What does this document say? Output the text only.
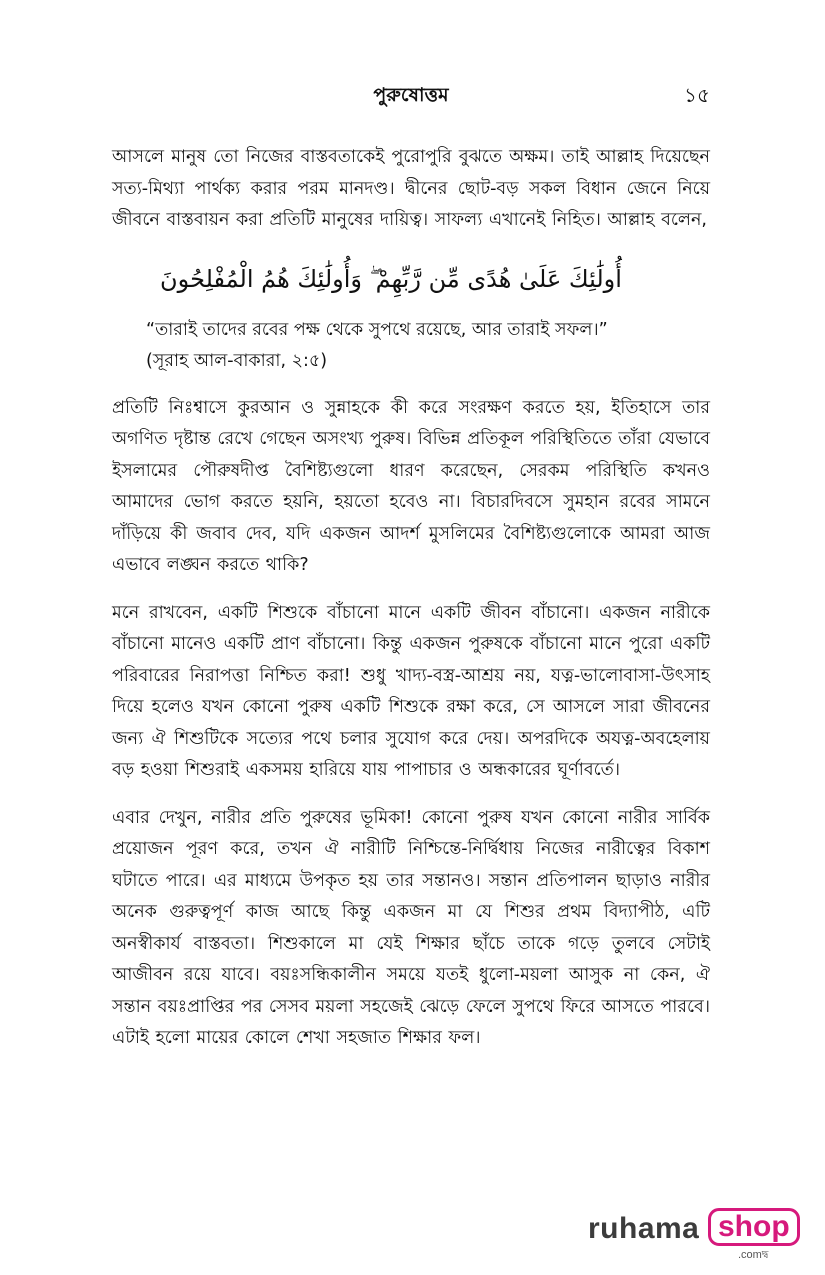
পুরুষোত্তম	১৫

আসলে মানুষ তো নিজের বাস্তবতাকেই পুরোপুরি বুঝতে অক্ষম। তাই আল্লাহ দিয়েছেন সত্য-মিথ্যা পার্থক্য করার পরম মানদণ্ড। দ্বীনের ছোট-বড় সকল বিধান জেনে নিয়ে জীবনে বাস্তবায়ন করা প্রতিটি মানুষের দায়িত্ব। সাফল্য এখানেই নিহিত। আল্লাহ বলেন,

أُولَٰئِكَ عَلَىٰ هُدًى مِّن رَّبِّهِمْ ۖ وَأُولَٰئِكَ هُمُ الْمُفْلِحُونَ
“তারাই তাদের রবের পক্ষ থেকে সুপথে রয়েছে, আর তারাই সফল।”
(সূরাহ আল-বাকারা, ২:৫)

প্রতিটি নিঃশ্বাসে কুরআন ও সুন্নাহকে কী করে সংরক্ষণ করতে হয়, ইতিহাসে তার অগণিত দৃষ্টান্ত রেখে গেছেন অসংখ্য পুরুষ। বিভিন্ন প্রতিকূল পরিস্থিতিতে তাঁরা যেভাবে ইসলামের পৌরুষদীপ্ত বৈশিষ্ট্যগুলো ধারণ করেছেন, সেরকম পরিস্থিতি কখনও আমাদের ভোগ করতে হয়নি, হয়তো হবেও না। বিচারদিবসে সুমহান রবের সামনে দাঁড়িয়ে কী জবাব দেব, যদি একজন আদর্শ মুসলিমের বৈশিষ্ট্যগুলোকে আমরা আজ এভাবে লঙ্ঘন করতে থাকি?

মনে রাখবেন, একটি শিশুকে বাঁচানো মানে একটি জীবন বাঁচানো। একজন নারীকে বাঁচানো মানেও একটি প্রাণ বাঁচানো। কিন্তু একজন পুরুষকে বাঁচানো মানে পুরো একটি পরিবারের নিরাপত্তা নিশ্চিত করা! শুধু খাদ্য-বস্ত্র-আশ্রয় নয়, যত্ন-ভালোবাসা-উৎসাহ দিয়ে হলেও যখন কোনো পুরুষ একটি শিশুকে রক্ষা করে, সে আসলে সারা জীবনের জন্য ঐ শিশুটিকে সত্যের পথে চলার সুযোগ করে দেয়। অপরদিকে অযত্ন-অবহেলায় বড় হওয়া শিশুরাই একসময় হারিয়ে যায় পাপাচার ও অন্ধকারের ঘূর্ণাবর্তে।

এবার দেখুন, নারীর প্রতি পুরুষের ভূমিকা! কোনো পুরুষ যখন কোনো নারীর সার্বিক প্রয়োজন পূরণ করে, তখন ঐ নারীটি নিশ্চিন্তে-নির্দ্বিধায় নিজের নারীত্বের বিকাশ ঘটাতে পারে। এর মাধ্যমে উপকৃত হয় তার সন্তানও। সন্তান প্রতিপালন ছাড়াও নারীর অনেক গুরুত্বপূর্ণ কাজ আছে কিন্তু একজন মা যে শিশুর প্রথম বিদ্যাপীঠ, এটি অনস্বীকার্য বাস্তবতা। শিশুকালে মা যেই শিক্ষার ছাঁচে তাকে গড়ে তুলবে সেটাই আজীবন রয়ে যাবে। বয়ঃসন্ধিকালীন সময়ে যতই ধুলো-ময়লা আসুক না কেন, ঐ সন্তান বয়ঃপ্রাপ্তির পর সেসব ময়লা সহজেই ঝেড়ে ফেলে সুপথে ফিরে আসতে পারবে। এটাই হলো মায়ের কোলে শেখা সহজাত শিক্ষার ফল।

ruhama shop
.comদ্ব
